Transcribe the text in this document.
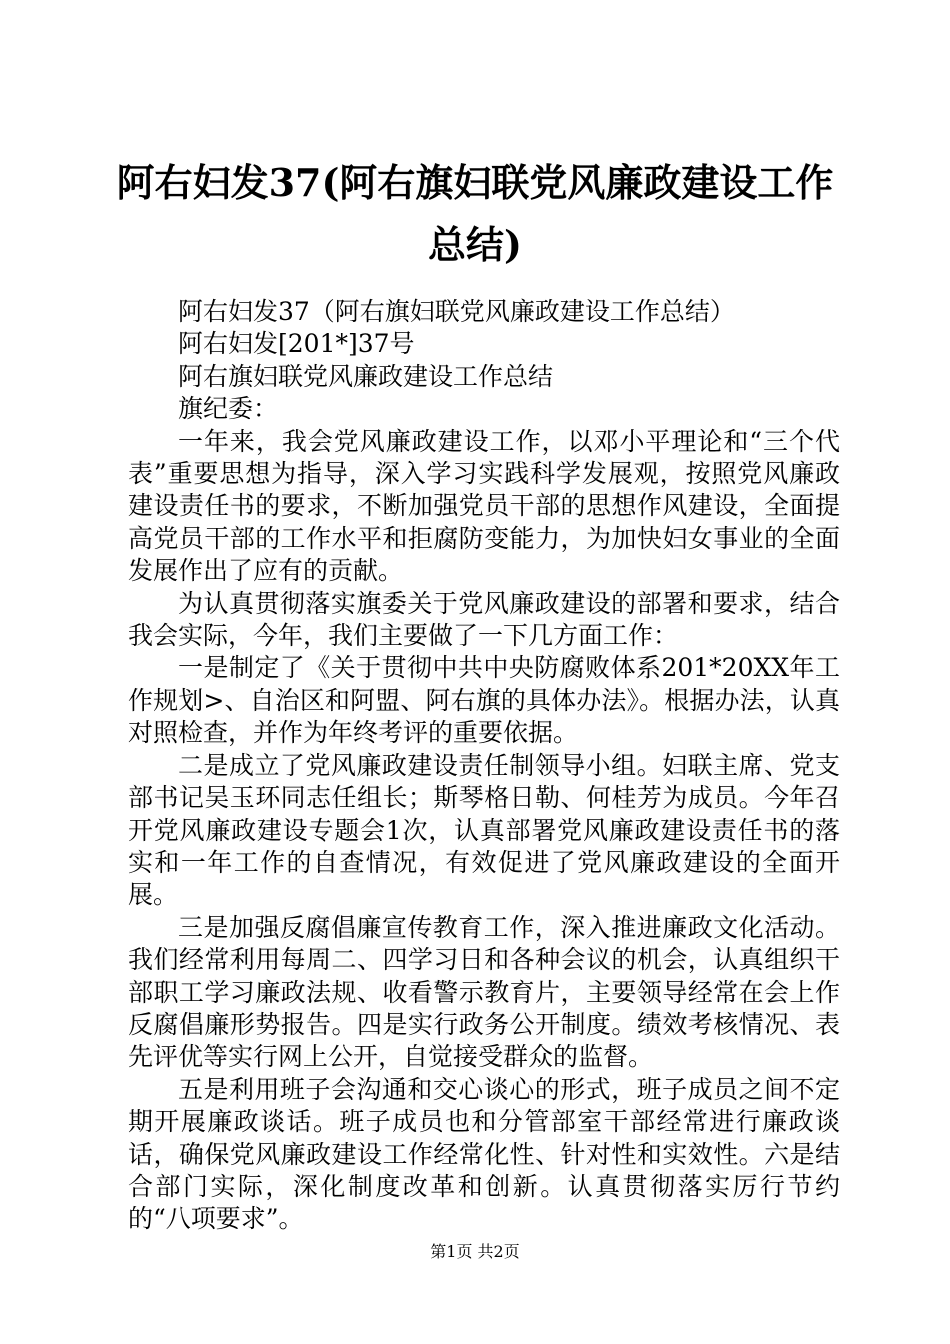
阿右妇发37(阿右旗妇联党风廉政建设工作总结)

阿右妇发37（阿右旗妇联党风廉政建设工作总结）

阿右妇发[201*]37号

阿右旗妇联党风廉政建设工作总结

旗纪委：

一年来，我会党风廉政建设工作，以邓小平理论和“三个代表”重要思想为指导，深入学习实践科学发展观，按照党风廉政建设责任书的要求，不断加强党员干部的思想作风建设，全面提高党员干部的工作水平和拒腐防变能力，为加快妇女事业的全面发展作出了应有的贡献。

为认真贯彻落实旗委关于党风廉政建设的部署和要求，结合我会实际，今年，我们主要做了一下几方面工作：

一是制定了《关于贯彻中共中央防腐败体系201*20XX年工作规划>、自治区和阿盟、阿右旗的具体办法》。根据办法，认真对照检查，并作为年终考评的重要依据。

二是成立了党风廉政建设责任制领导小组。妇联主席、党支部书记吴玉环同志任组长；斯琴格日勒、何桂芳为成员。今年召开党风廉政建设专题会1次，认真部署党风廉政建设责任书的落实和一年工作的自查情况，有效促进了党风廉政建设的全面开展。

三是加强反腐倡廉宣传教育工作，深入推进廉政文化活动。我们经常利用每周二、四学习日和各种会议的机会，认真组织干部职工学习廉政法规、收看警示教育片，主要领导经常在会上作反腐倡廉形势报告。四是实行政务公开制度。绩效考核情况、表先评优等实行网上公开，自觉接受群众的监督。

五是利用班子会沟通和交心谈心的形式，班子成员之间不定期开展廉政谈话。班子成员也和分管部室干部经常进行廉政谈话，确保党风廉政建设工作经常化性、针对性和实效性。六是结合部门实际，深化制度改革和创新。认真贯彻落实厉行节约的“八项要求”。

第1页 共2页
